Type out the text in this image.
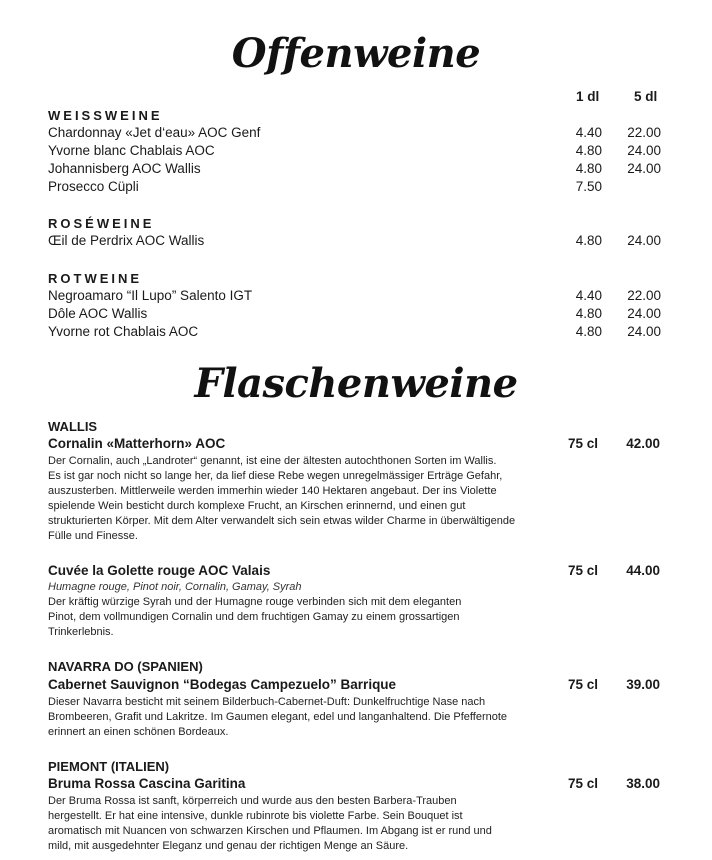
Offenweine
1 dl	5 dl
WEISSWEINE
Chardonnay «Jet d‘eau» AOC Genf	4.40 22.00
Yvorne blanc Chablais AOC	4.80 24.00
Johannisberg AOC Wallis	4.80 24.00
Prosecco Cüpli	7.50
ROSÉWEINE
Œil de Perdrix AOC Wallis	4.80 24.00
ROTWEINE
Negroamaro “Il Lupo” Salento IGT	4.40 22.00
Dôle AOC Wallis	4.80 24.00
Yvorne rot Chablais AOC	4.80 24.00
Flaschenweine
WALLIS
Cornalin «Matterhorn» AOC	75 cl 42.00
Der Cornalin, auch „Landroter“ genannt, ist eine der ältesten autochthonen Sorten im Wallis.
Es ist gar noch nicht so lange her, da lief diese Rebe wegen unregelmässiger Erträge Gefahr,
auszusterben. Mittlerweile werden immerhin wieder 140 Hektaren angebaut. Der ins Violette
spielende Wein besticht durch komplexe Frucht, an Kirschen erinnernd, und einen gut
strukturierten Körper. Mit dem Alter verwandelt sich sein etwas wilder Charme in überwältigende
Fülle und Finesse.
Cuvée la Golette rouge AOC Valais	75 cl 44.00
Humagne rouge, Pinot noir, Cornalin, Gamay, Syrah
Der kräftig würzige Syrah und der Humagne rouge verbinden sich mit dem eleganten
Pinot, dem vollmundigen Cornalin und dem fruchtigen Gamay zu einem grossartigen
Trinkerlebnis.
NAVARRA DO (SPANIEN)
Cabernet Sauvignon “Bodegas Campezuelo” Barrique	75 cl 39.00
Dieser Navarra besticht mit seinem Bilderbuch-Cabernet-Duft: Dunkelfruchtige Nase nach
Brombeeren, Grafit und Lakritze. Im Gaumen elegant, edel und langanhaltend. Die Pfeffernote
erinnert an einen schönen Bordeaux.
PIEMONT (ITALIEN)
Bruma Rossa Cascina Garitina	75 cl 38.00
Der Bruma Rossa ist sanft, körperreich und wurde aus den besten Barbera-Trauben
hergestellt. Er hat eine intensive, dunkle rubinrote bis violette Farbe. Sein Bouquet ist
aromatisch mit Nuancen von schwarzen Kirschen und Pflaumen. Im Abgang ist er rund und
mild, mit ausgedehnter Eleganz und genau der richtigen Menge an Säure.
